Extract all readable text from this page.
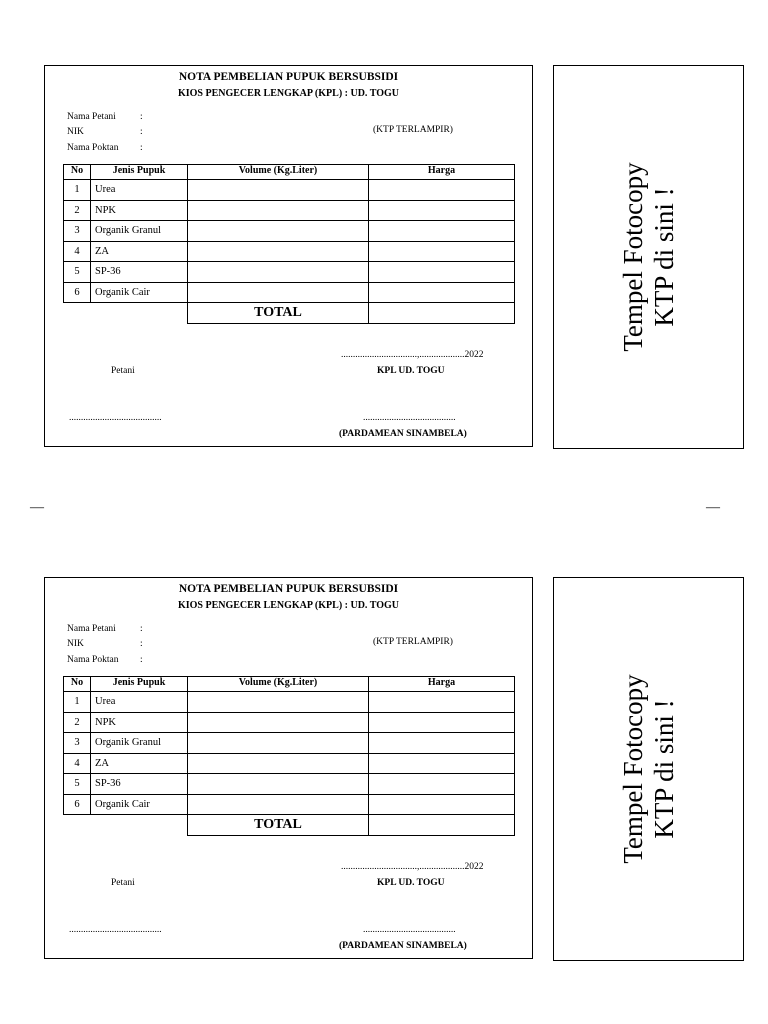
—	—
NOTA PEMBELIAN PUPUK BERSUBSIDI
KIOS PENGECER LENGKAP (KPL) : UD. TOGU
Nama Petani	:
NIK	:
Nama Poktan :
(KTP TERLAMPIR)
No	Jenis Pupuk	Volume (Kg.Liter)	Harga
1	Urea		
2	NPK		
3	Organik Granul		
4	ZA		
5	SP-36		
6	Organik Cair		
		TOTAL	
................................,...................2022
Petani	KPL UD. TOGU
.......................................	.......................................
(PARDAMEAN SINAMBELA)
Tempel Fotocopy KTP di sini !
NOTA PEMBELIAN PUPUK BERSUBSIDI
KIOS PENGECER LENGKAP (KPL) : UD. TOGU
Nama Petani	:
NIK	:
Nama Poktan :
(KTP TERLAMPIR)
No	Jenis Pupuk	Volume (Kg.Liter)	Harga
1	Urea		
2	NPK		
3	Organik Granul		
4	ZA		
5	SP-36		
6	Organik Cair		
		TOTAL	
................................,...................2022
Petani	KPL UD. TOGU
.......................................	.......................................
(PARDAMEAN SINAMBELA)
Tempel Fotocopy KTP di sini !
